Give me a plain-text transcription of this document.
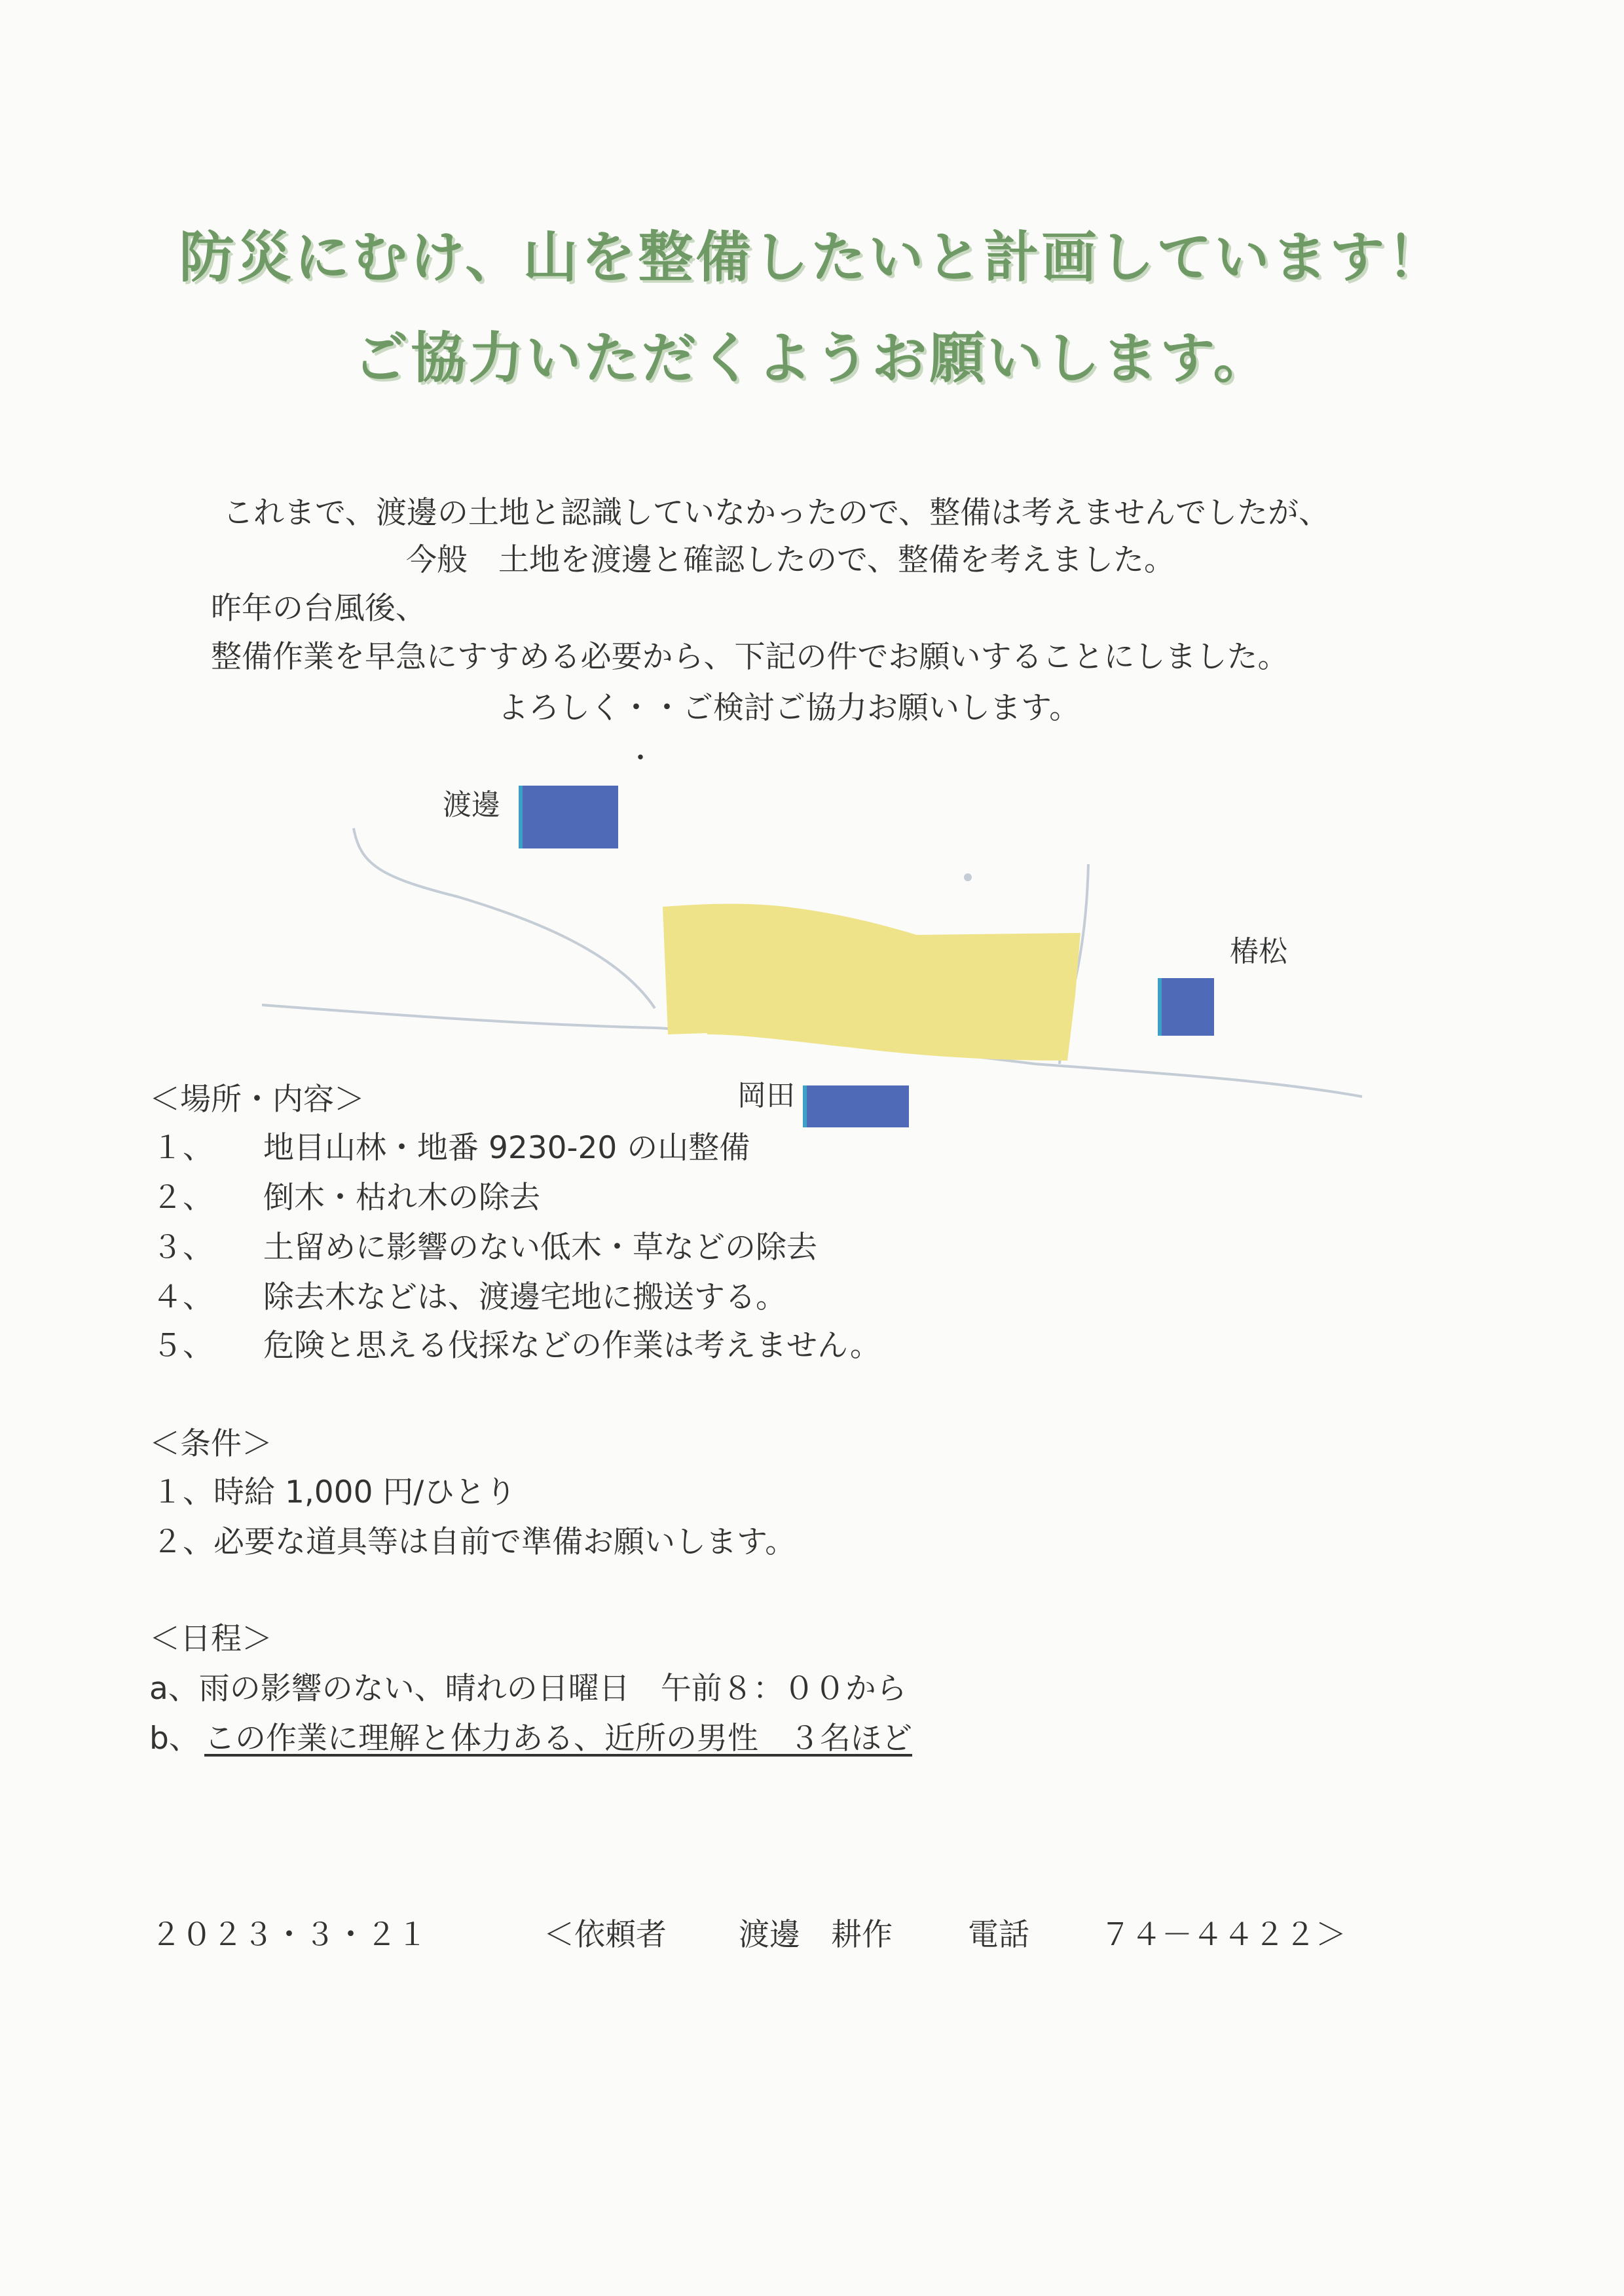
防災にむけ、山を整備したいと計画しています！
ご協力いただくようお願いします。
これまで、渡邊の土地と認識していなかったので、整備は考えませんでしたが、
今般　土地を渡邊と確認したので、整備を考えました。
昨年の台風後、
整備作業を早急にすすめる必要から、下記の件でお願いすることにしました。
よろしく・・ご検討ご協力お願いします。
・
渡邊
椿松
岡田
＜場所・内容＞
１、 地目山林・地番 9230-20 の山整備
２、 倒木・枯れ木の除去
３、 土留めに影響のない低木・草などの除去
４、 除去木などは、渡邊宅地に搬送する。
５、 危険と思える伐採などの作業は考えません。
＜条件＞
１、時給 1,000 円/ひとり
２、必要な道具等は自前で準備お願いします。
＜日程＞
a、雨の影響のない、晴れの日曜日　午前８：００から
b、 この作業に理解と体力ある、近所の男性　３名ほど
２０２３・３・２１	＜依頼者 渡邊　耕作 電話 ７４－４４２２＞
